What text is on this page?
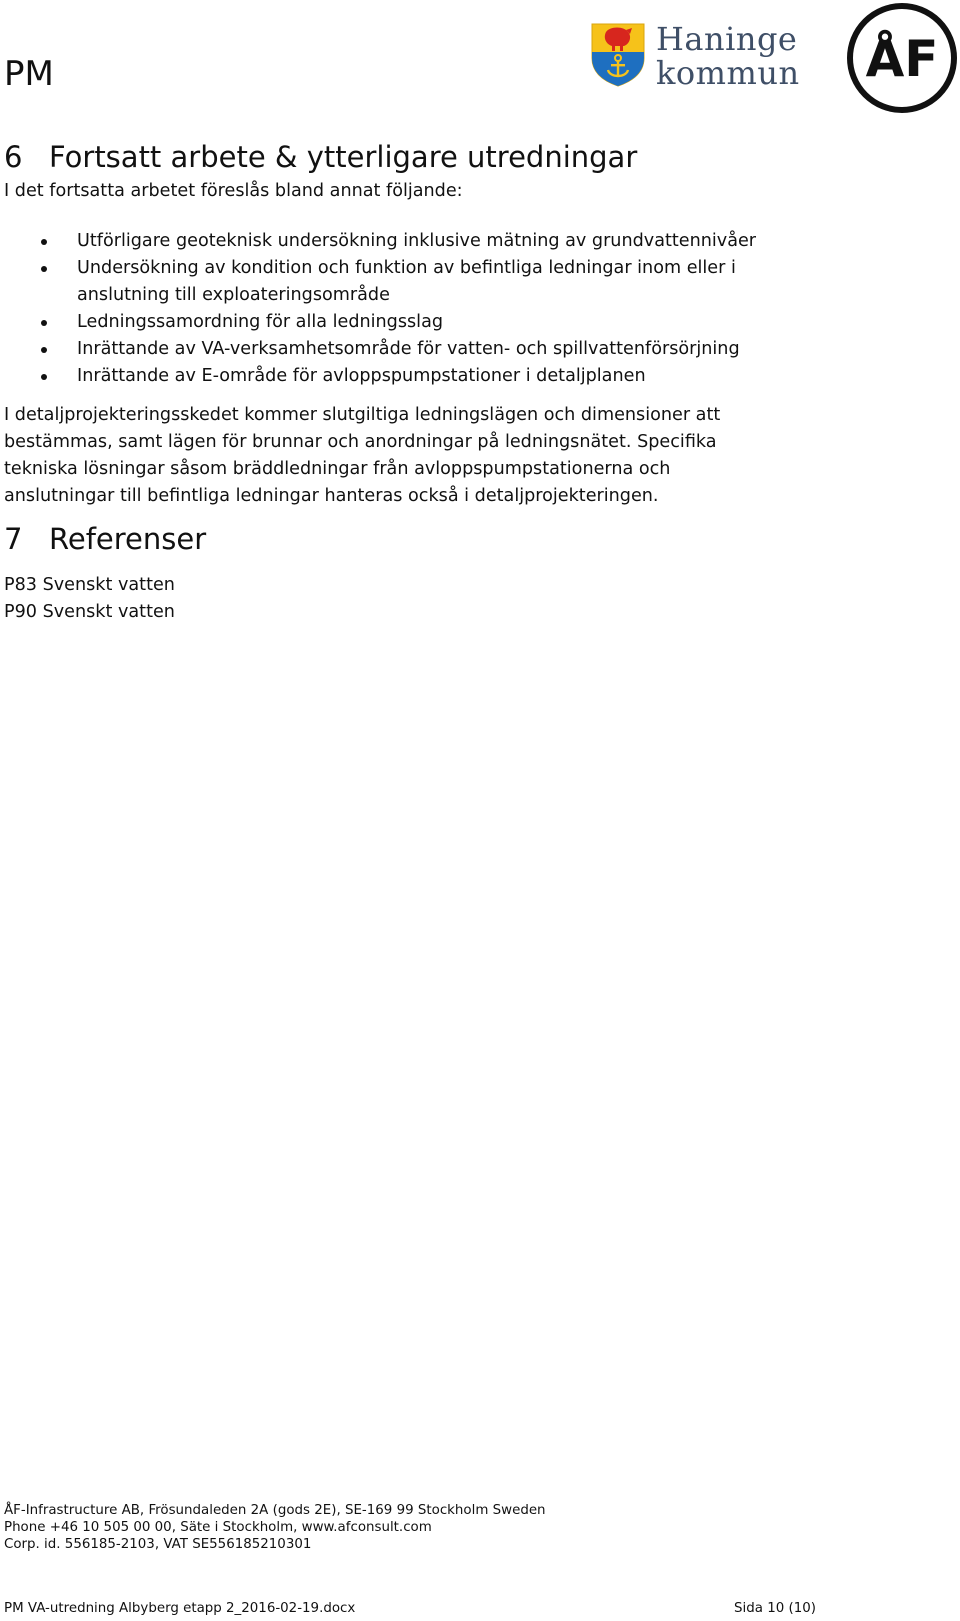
PM
Haninge
kommun ÅF
6 Fortsatt arbete & ytterligare utredningar
I det fortsatta arbetet föreslås bland annat följande:
Utförligare geoteknisk undersökning inklusive mätning av grundvattennivåer
Undersökning av kondition och funktion av befintliga ledningar inom eller i anslutning till exploateringsområde
Ledningssamordning för alla ledningsslag
Inrättande av VA-verksamhetsområde för vatten- och spillvattenförsörjning
Inrättande av E-område för avloppspumpstationer i detaljplanen
I detaljprojekteringsskedet kommer slutgiltiga ledningslägen och dimensioner att bestämmas, samt lägen för brunnar och anordningar på ledningsnätet. Specifika tekniska lösningar såsom bräddledningar från avloppspumpstationerna och anslutningar till befintliga ledningar hanteras också i detaljprojekteringen.
7 Referenser
P83 Svenskt vatten
P90 Svenskt vatten
ÅF-Infrastructure AB, Frösundaleden 2A (gods 2E), SE-169 99 Stockholm Sweden
Phone +46 10 505 00 00, Säte i Stockholm, www.afconsult.com
Corp. id. 556185-2103, VAT SE556185210301
PM VA-utredning Albyberg etapp 2_2016-02-19.docx	Sida 10 (10)
